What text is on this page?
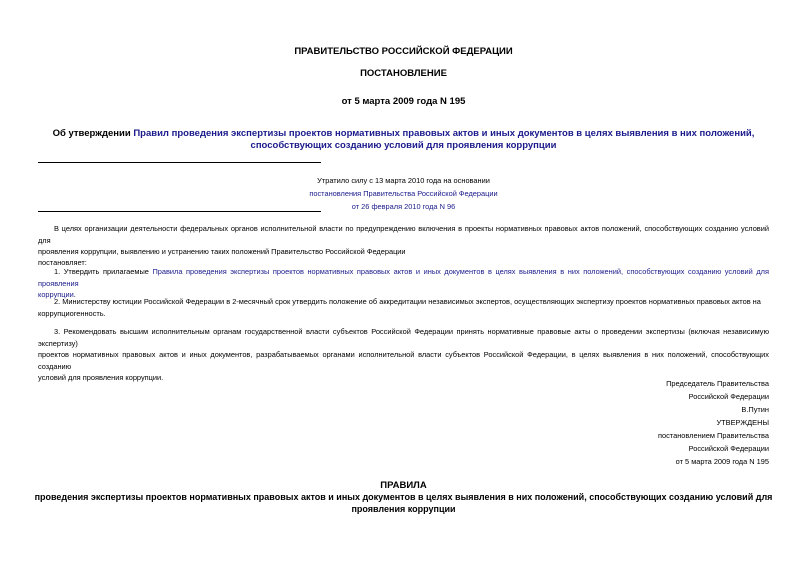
ПРАВИТЕЛЬСТВО РОССИЙСКОЙ ФЕДЕРАЦИИ
ПОСТАНОВЛЕНИЕ
от 5 марта 2009 года N 195
Об утверждении Правил проведения экспертизы проектов нормативных правовых актов и иных документов в целях выявления в них положений,
способствующих созданию условий для проявления коррупции
Утратило силу с 13 марта 2010 года на основании
постановления Правительства Российской Федерации
от 26 февраля 2010 года N 96
В целях организации деятельности федеральных органов исполнительной власти по предупреждению включения в проекты нормативных правовых актов положений, способствующих созданию условий для
проявления коррупции, выявлению и устранению таких положений Правительство Российской Федерации
постановляет:
1. Утвердить прилагаемые Правила проведения экспертизы проектов нормативных правовых актов и иных документов в целях выявления в них положений, способствующих созданию условий для проявления
коррупции.
2. Министерству юстиции Российской Федерации в 2-месячный срок утвердить положение об аккредитации независимых экспертов, осуществляющих экспертизу проектов нормативных правовых актов на
коррупциогенность.
3. Рекомендовать высшим исполнительным органам государственной власти субъектов Российской Федерации принять нормативные правовые акты о проведении экспертизы (включая независимую экспертизу)
проектов нормативных правовых актов и иных документов, разрабатываемых органами исполнительной власти субъектов Российской Федерации, в целях выявления в них положений, способствующих созданию
условий для проявления коррупции.
Председатель Правительства
Российской Федерации
В.Путин
УТВЕРЖДЕНЫ
постановлением Правительства
Российской Федерации
от 5 марта 2009 года N 195
ПРАВИЛА
проведения экспертизы проектов нормативных правовых актов и иных документов в целях выявления в них положений, способствующих созданию условий для
проявления коррупции
